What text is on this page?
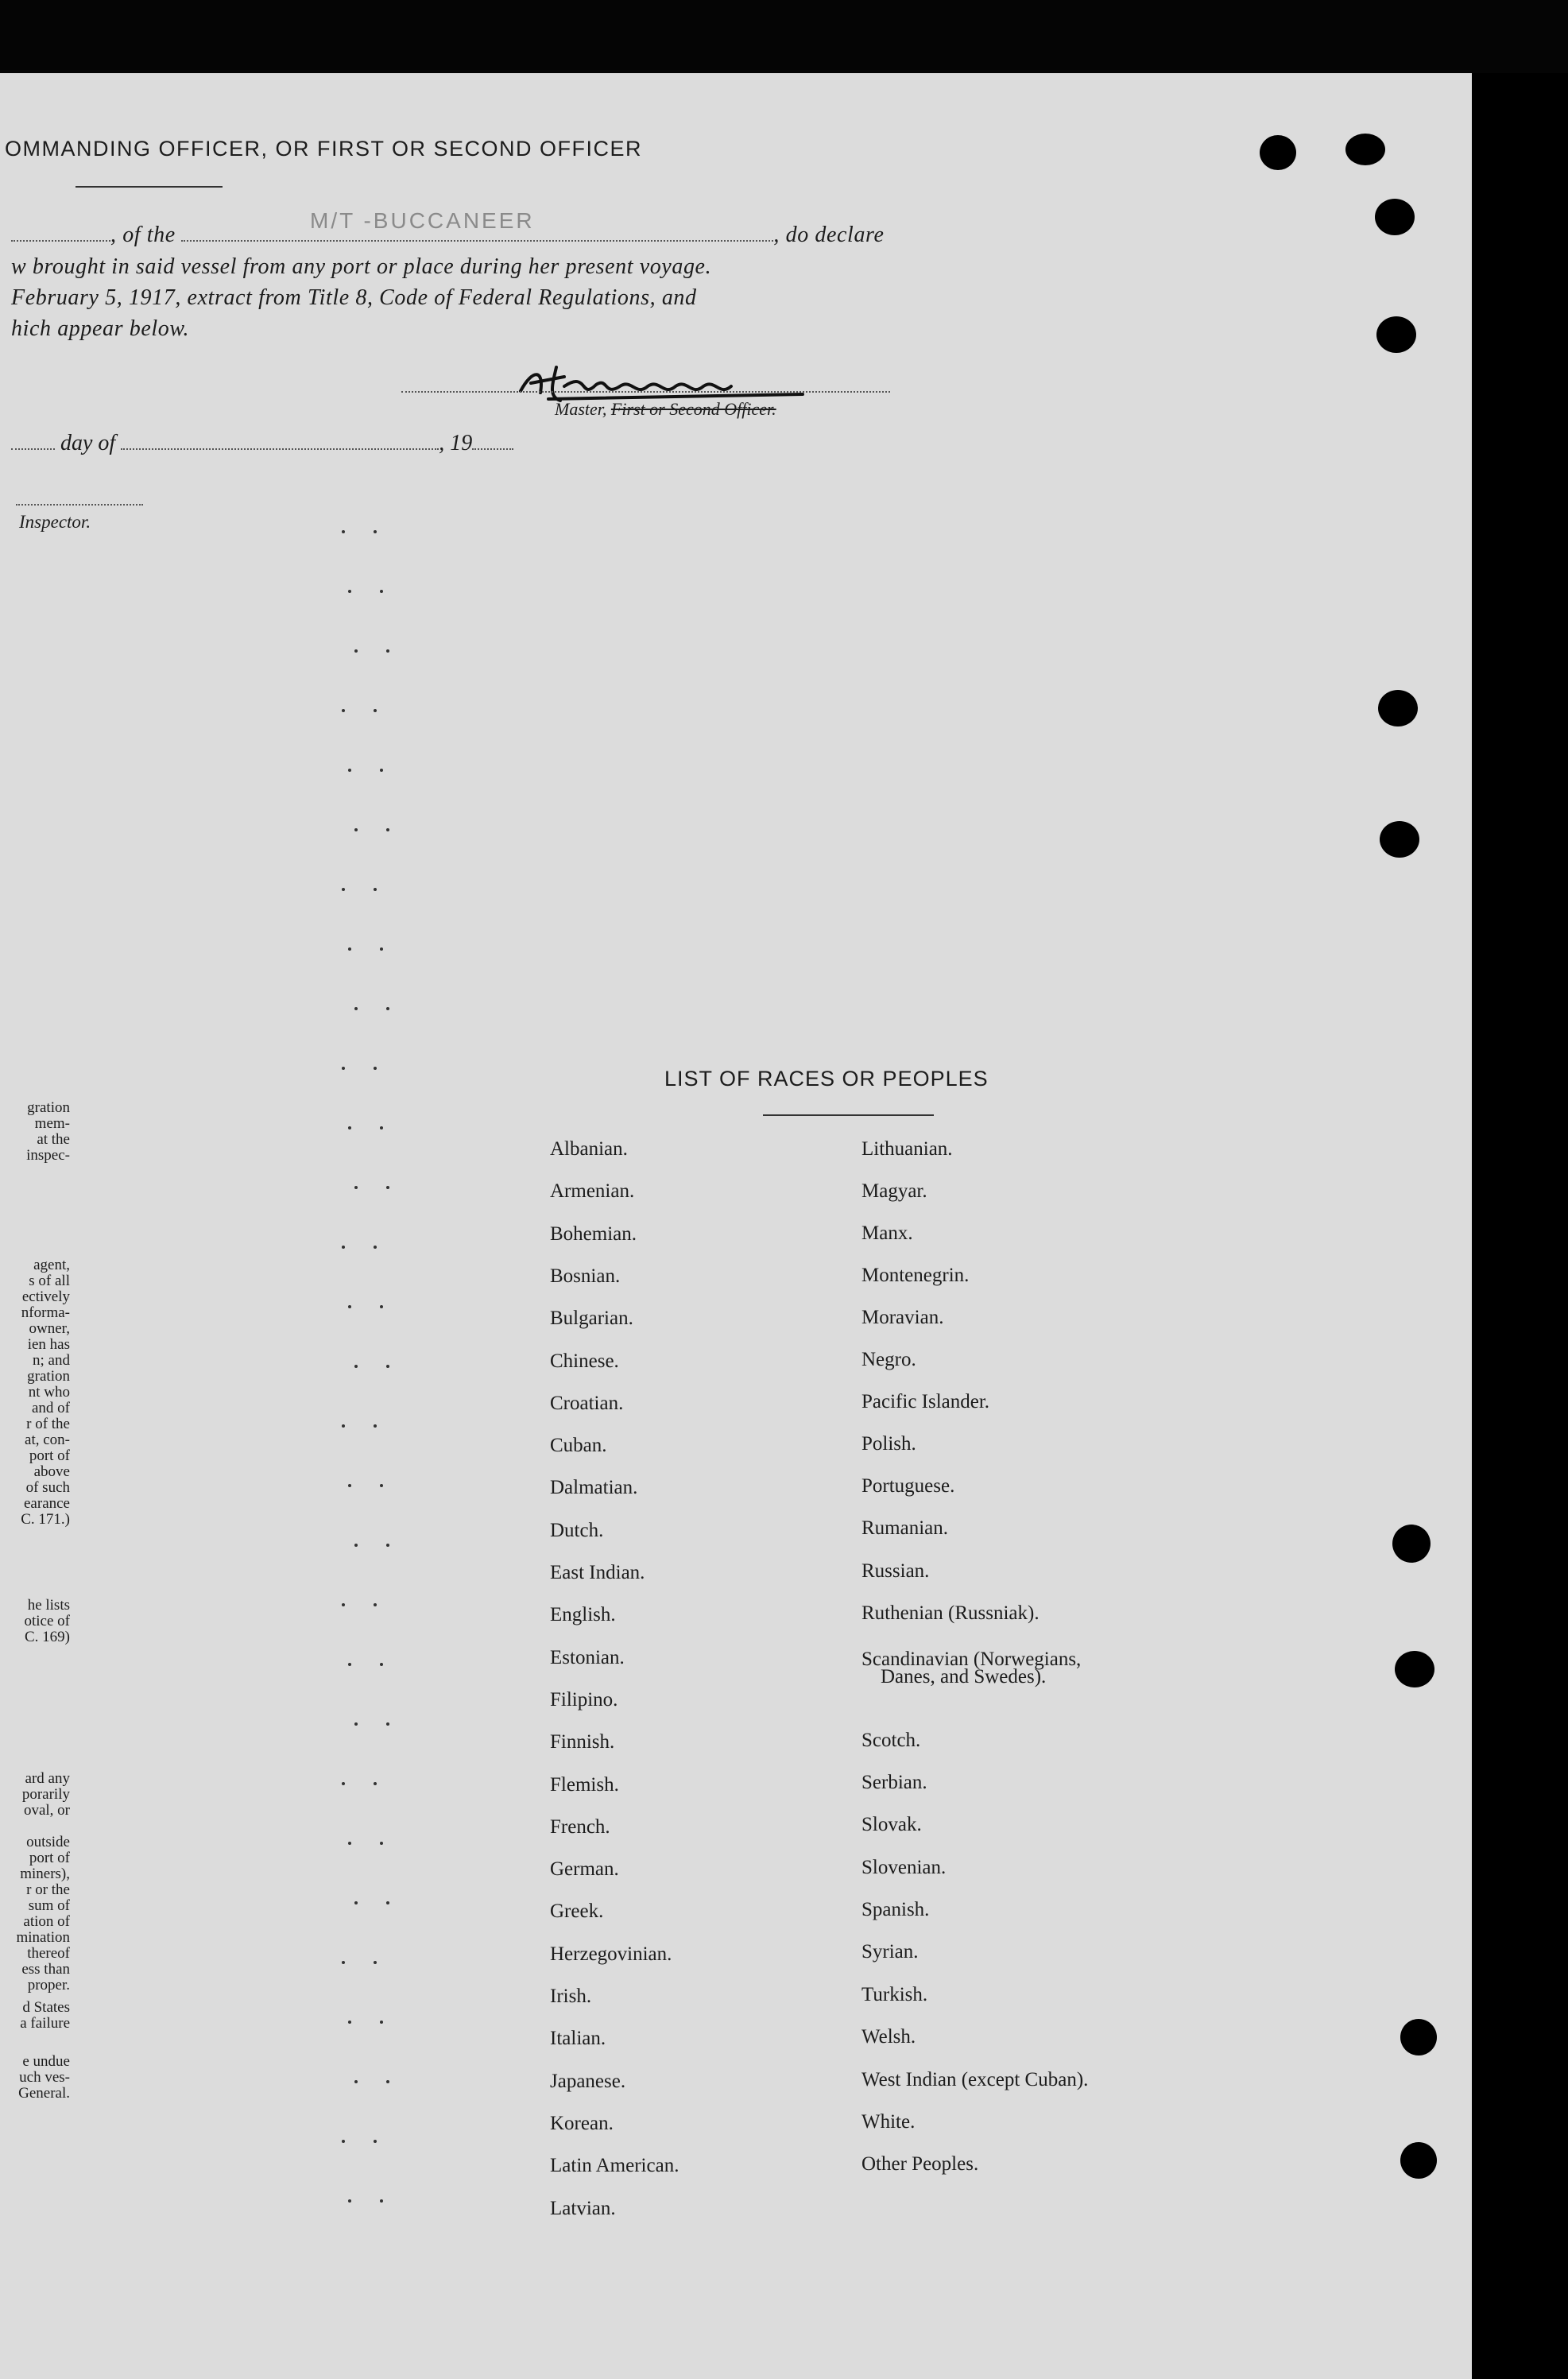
OMMANDING OFFICER, OR FIRST OR SECOND OFFICER
, of the	, do declare
M/T -BUCCANEER
w brought in said vessel from any port or place during her present voyage.
February 5, 1917, extract from Title 8, Code of Federal Regulations, and
hich appear below.
Master, First or Second Officer.
day of	, 19
Inspector.
gration
mem-
at the
inspec-
agent,
s of all
ectively
nforma-
owner,
ien has
n; and
gration
nt who
and of
r of the
at, con-
port of
above
of such
earance
C. 171.)
he lists
otice of
C. 169)
ard any
porarily
oval, or
outside
port of
miners),
r or the
sum of
ation of
mination
thereof
ess than
proper.
d States
a failure
e undue
uch ves-
General.
LIST OF RACES OR PEOPLES
Albanian.
Armenian.
Bohemian.
Bosnian.
Bulgarian.
Chinese.
Croatian.
Cuban.
Dalmatian.
Dutch.
East Indian.
English.
Estonian.
Filipino.
Finnish.
Flemish.
French.
German.
Greek.
Herzegovinian.
Irish.
Italian.
Japanese.
Korean.
Latin American.
Latvian.
Lithuanian.
Magyar.
Manx.
Montenegrin.
Moravian.
Negro.
Pacific Islander.
Polish.
Portuguese.
Rumanian.
Russian.
Ruthenian (Russniak).
Scandinavian (Norwegians,
Danes, and Swedes).
Scotch.
Serbian.
Slovak.
Slovenian.
Spanish.
Syrian.
Turkish.
Welsh.
West Indian (except Cuban).
White.
Other Peoples.
